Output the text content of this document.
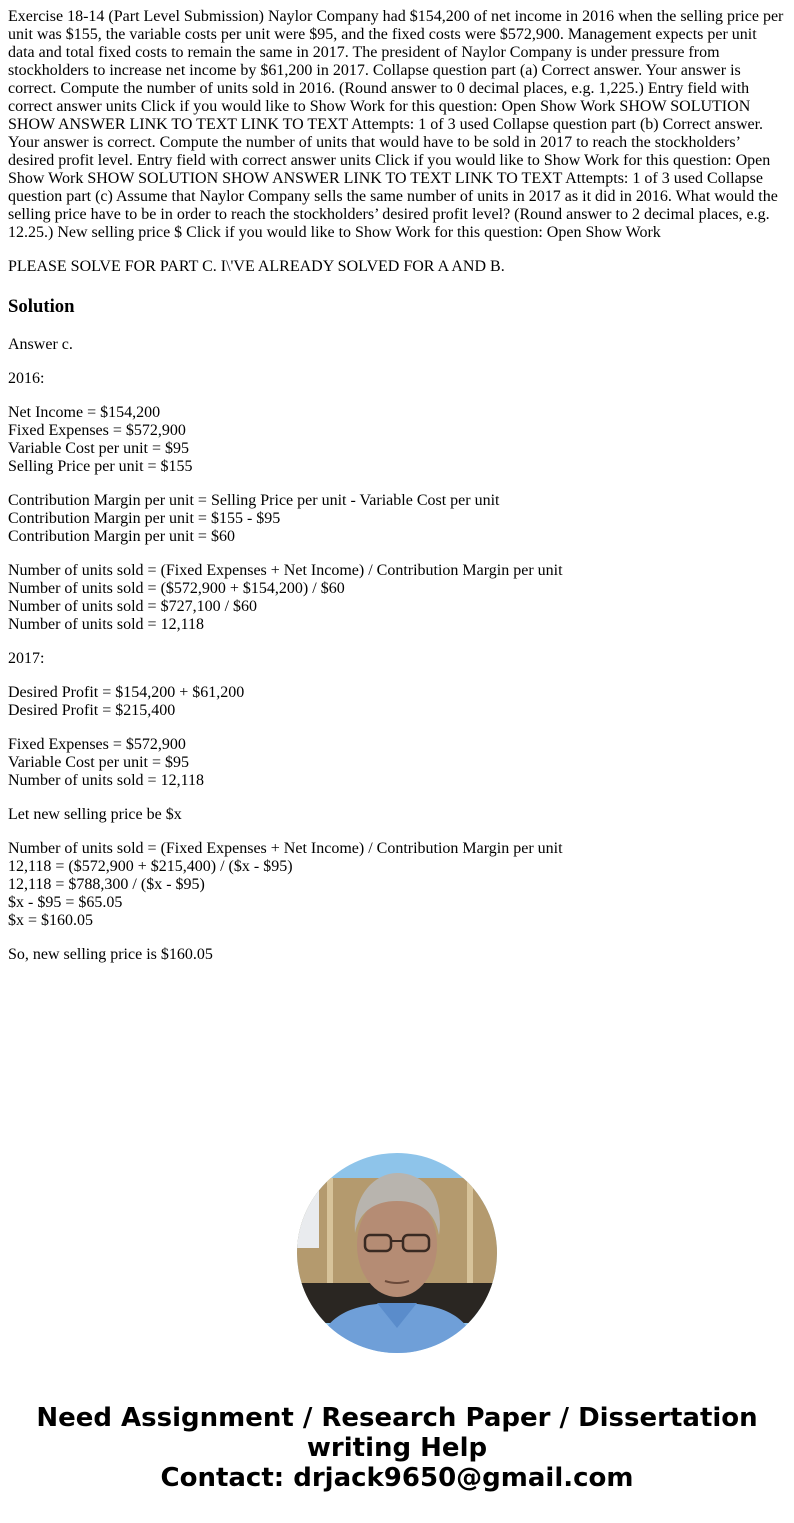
Exercise 18-14 (Part Level Submission) Naylor Company had $154,200 of net income in 2016 when the selling price per unit was $155, the variable costs per unit were $95, and the fixed costs were $572,900. Management expects per unit data and total fixed costs to remain the same in 2017. The president of Naylor Company is under pressure from stockholders to increase net income by $61,200 in 2017. Collapse question part (a) Correct answer. Your answer is correct. Compute the number of units sold in 2016. (Round answer to 0 decimal places, e.g. 1,225.) Entry field with correct answer units Click if you would like to Show Work for this question: Open Show Work SHOW SOLUTION SHOW ANSWER LINK TO TEXT LINK TO TEXT Attempts: 1 of 3 used Collapse question part (b) Correct answer. Your answer is correct. Compute the number of units that would have to be sold in 2017 to reach the stockholders’ desired profit level. Entry field with correct answer units Click if you would like to Show Work for this question: Open Show Work SHOW SOLUTION SHOW ANSWER LINK TO TEXT LINK TO TEXT Attempts: 1 of 3 used Collapse question part (c) Assume that Naylor Company sells the same number of units in 2017 as it did in 2016. What would the selling price have to be in order to reach the stockholders’ desired profit level? (Round answer to 2 decimal places, e.g. 12.25.) New selling price $ Click if you would like to Show Work for this question: Open Show Work

PLEASE SOLVE FOR PART C. I\'VE ALREADY SOLVED FOR A AND B.

Solution

Answer c.

2016:

Net Income = $154,200
Fixed Expenses = $572,900
Variable Cost per unit = $95
Selling Price per unit = $155

Contribution Margin per unit = Selling Price per unit - Variable Cost per unit
Contribution Margin per unit = $155 - $95
Contribution Margin per unit = $60

Number of units sold = (Fixed Expenses + Net Income) / Contribution Margin per unit
Number of units sold = ($572,900 + $154,200) / $60
Number of units sold = $727,100 / $60
Number of units sold = 12,118

2017:

Desired Profit = $154,200 + $61,200
Desired Profit = $215,400

Fixed Expenses = $572,900
Variable Cost per unit = $95
Number of units sold = 12,118

Let new selling price be $x

Number of units sold = (Fixed Expenses + Net Income) / Contribution Margin per unit
12,118 = ($572,900 + $215,400) / ($x - $95)
12,118 = $788,300 / ($x - $95)
$x - $95 = $65.05
$x = $160.05

So, new selling price is $160.05

Need Assignment / Research Paper / Dissertation
writing Help
Contact: drjack9650@gmail.com
